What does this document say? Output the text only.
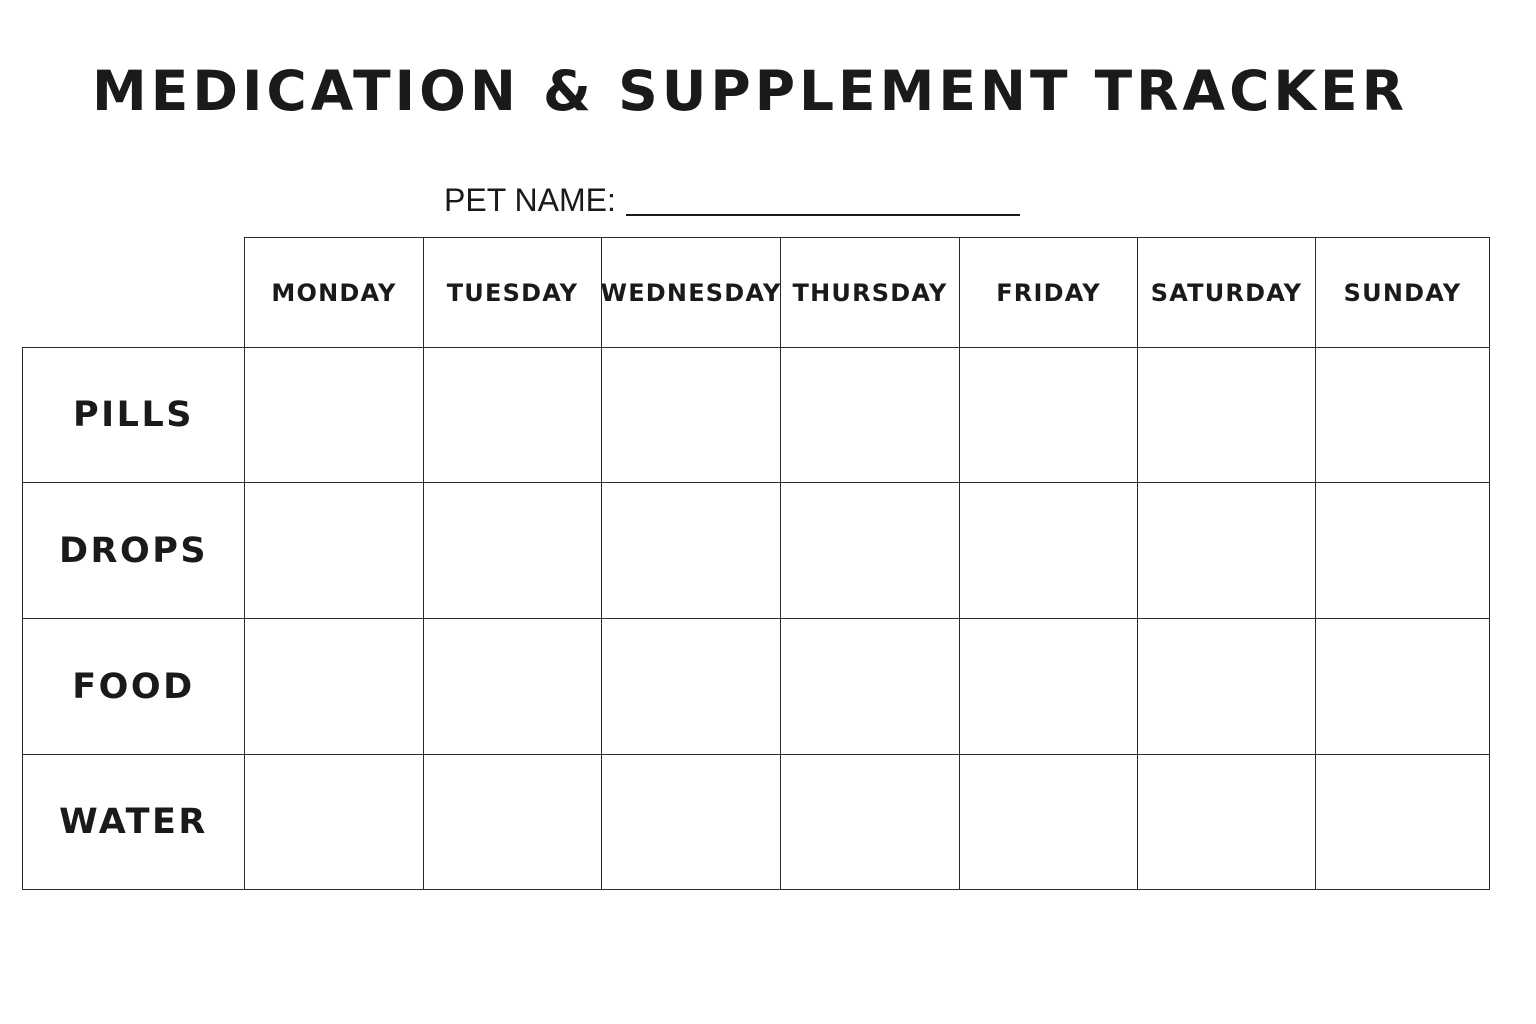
MEDICATION & SUPPLEMENT TRACKER
PET NAME:
MONDAY TUESDAY WEDNESDAY THURSDAY FRIDAY SATURDAY SUNDAY
PILLS
DROPS
FOOD
WATER
